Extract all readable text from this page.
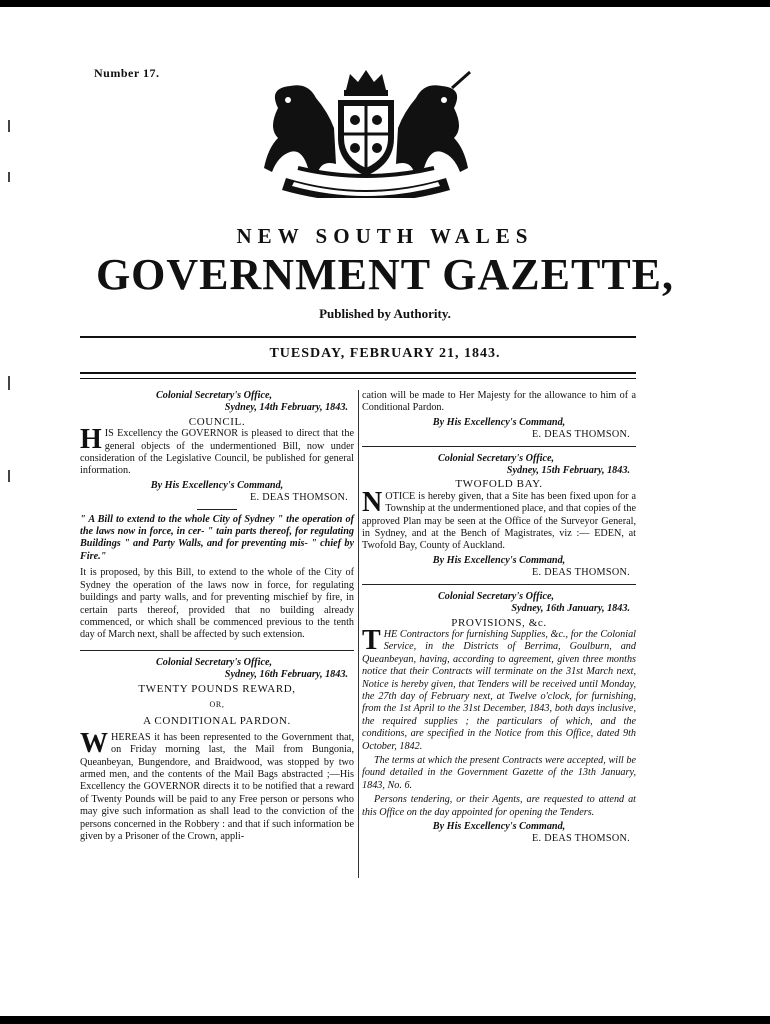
Number 17.
NEW SOUTH WALES
GOVERNMENT GAZETTE,
Published by Authority.
TUESDAY, FEBRUARY 21, 1843.
Colonial Secretary's Office,
Sydney, 14th February, 1843.
COUNCIL.

HIS Excellency the GOVERNOR is pleased to direct that the general objects of the undermentioned Bill, now under consideration of the Legislative Council, be published for general information.

By His Excellency's Command,
E. DEAS THOMSON.

" A Bill to extend to the whole City of Sydney " the operation of the laws now in force, in cer- " tain parts thereof, for regulating Buildings " and Party Walls, and for preventing mis- " chief by Fire."

It is proposed, by this Bill, to extend to the whole of the City of Sydney the operation of the laws now in force, for regulating buildings and party walls, and for preventing mischief by fire, in certain parts thereof, provided that no building already commenced, or which shall be commenced previous to the tenth day of March next, shall be affected by such extension.

Colonial Secretary's Office,
Sydney, 16th February, 1843.
TWENTY POUNDS REWARD,
OR,
A CONDITIONAL PARDON.

WHEREAS it has been represented to the Government that, on Friday morning last, the Mail from Bungonia, Queanbeyan, Bungendore, and Braidwood, was stopped by two armed men, and the contents of the Mail Bags abstracted ;—His Excellency the GOVERNOR directs it to be notified that a reward of Twenty Pounds will be paid to any Free person or persons who may give such information as shall lead to the conviction of the persons concerned in the Robbery : and that if such information be given by a Prisoner of the Crown, appli-

cation will be made to Her Majesty for the allowance to him of a Conditional Pardon.

By His Excellency's Command,
E. DEAS THOMSON.
Colonial Secretary's Office,
Sydney, 15th February, 1843.
TWOFOLD BAY.

NOTICE is hereby given, that a Site has been fixed upon for a Township at the undermentioned place, and that copies of the approved Plan may be seen at the Office of the Surveyor General, in Sydney, and at the Bench of Magistrates, viz :— EDEN, at Twofold Bay, County of Auckland.

By His Excellency's Command,
E. DEAS THOMSON.
Colonial Secretary's Office,
Sydney, 16th January, 1843.
PROVISIONS, &c.

THE Contractors for furnishing Supplies, &c., for the Colonial Service, in the Districts of Berrima, Goulburn, and Queanbeyan, having, according to agreement, given three months notice that their Contracts will terminate on the 31st March next, Notice is hereby given, that Tenders will be received until Monday, the 27th day of February next, at Twelve o'clock, for furnishing, from the 1st April to the 31st December, 1843, both days inclusive, the required supplies ; the particulars of which, and the conditions, are specified in the Notice from this Office, dated 9th October, 1842.

The terms at which the present Contracts were accepted, will be found detailed in the Government Gazette of the 13th January, 1843, No. 6.

Persons tendering, or their Agents, are requested to attend at this Office on the day appointed for opening the Tenders.

By His Excellency's Command,
E. DEAS THOMSON.
